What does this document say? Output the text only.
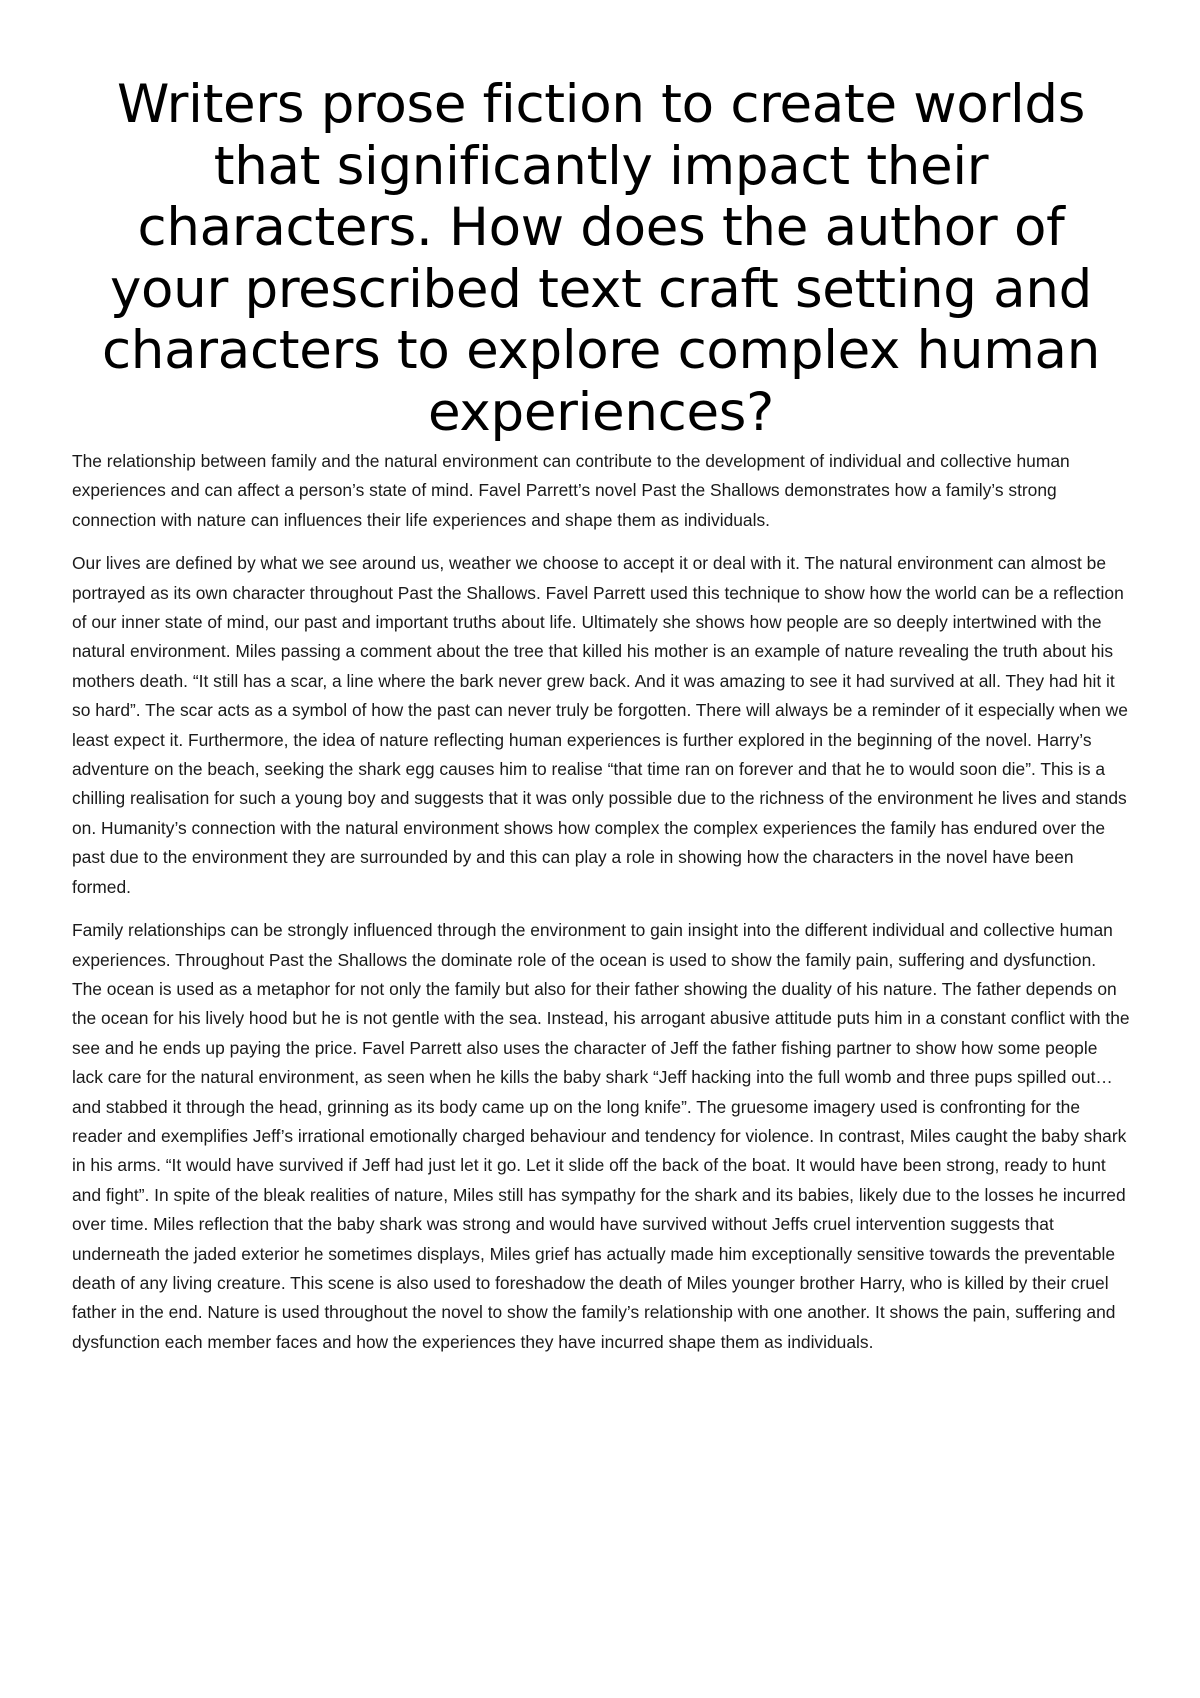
Writers prose fiction to create worlds that significantly impact their characters. How does the author of your prescribed text craft setting and characters to explore complex human experiences?

The relationship between family and the natural environment can contribute to the development of individual and collective human experiences and can affect a person’s state of mind. Favel Parrett’s novel Past the Shallows demonstrates how a family’s strong connection with nature can influences their life experiences and shape them as individuals.

Our lives are defined by what we see around us, weather we choose to accept it or deal with it. The natural environment can almost be portrayed as its own character throughout Past the Shallows. Favel Parrett used this technique to show how the world can be a reflection of our inner state of mind, our past and important truths about life. Ultimately she shows how people are so deeply intertwined with the natural environment. Miles passing a comment about the tree that killed his mother is an example of nature revealing the truth about his mothers death. “It still has a scar, a line where the bark never grew back. And it was amazing to see it had survived at all. They had hit it so hard”. The scar acts as a symbol of how the past can never truly be forgotten. There will always be a reminder of it especially when we least expect it. Furthermore, the idea of nature reflecting human experiences is further explored in the beginning of the novel. Harry’s adventure on the beach, seeking the shark egg causes him to realise “that time ran on forever and that he to would soon die”. This is a chilling realisation for such a young boy and suggests that it was only possible due to the richness of the environment he lives and stands on. Humanity’s connection with the natural environment shows how complex the complex experiences the family has endured over the past due to the environment they are surrounded by and this can play a role in showing how the characters in the novel have been formed.

Family relationships can be strongly influenced through the environment to gain insight into the different individual and collective human experiences. Throughout Past the Shallows the dominate role of the ocean is used to show the family pain, suffering and dysfunction. The ocean is used as a metaphor for not only the family but also for their father showing the duality of his nature. The father depends on the ocean for his lively hood but he is not gentle with the sea. Instead, his arrogant abusive attitude puts him in a constant conflict with the see and he ends up paying the price. Favel Parrett also uses the character of Jeff the father fishing partner to show how some people lack care for the natural environment, as seen when he kills the baby shark “Jeff hacking into the full womb and three pups spilled out… and stabbed it through the head, grinning as its body came up on the long knife”. The gruesome imagery used is confronting for the reader and exemplifies Jeff’s irrational emotionally charged behaviour and tendency for violence. In contrast, Miles caught the baby shark in his arms. “It would have survived if Jeff had just let it go. Let it slide off the back of the boat. It would have been strong, ready to hunt and fight”. In spite of the bleak realities of nature, Miles still has sympathy for the shark and its babies, likely due to the losses he incurred over time. Miles reflection that the baby shark was strong and would have survived without Jeffs cruel intervention suggests that underneath the jaded exterior he sometimes displays, Miles grief has actually made him exceptionally sensitive towards the preventable death of any living creature. This scene is also used to foreshadow the death of Miles younger brother Harry, who is killed by their cruel father in the end. Nature is used throughout the novel to show the family’s relationship with one another. It shows the pain, suffering and dysfunction each member faces and how the experiences they have incurred shape them as individuals.
